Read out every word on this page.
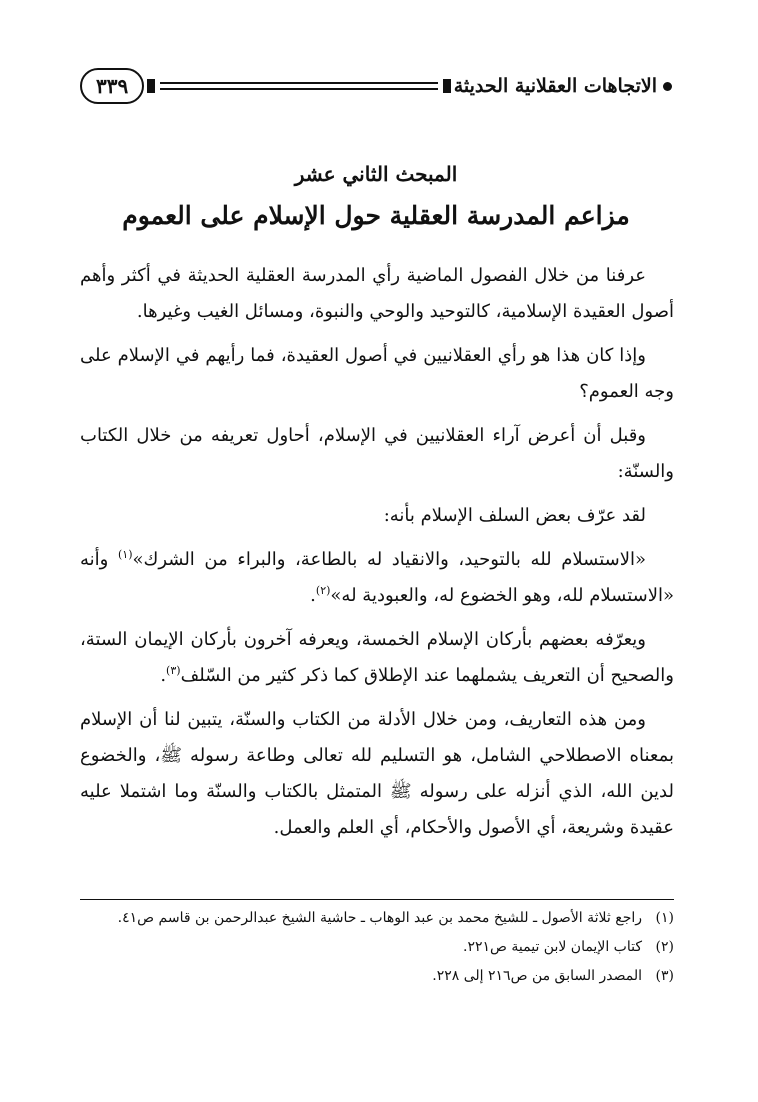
الاتجاهات العقلانية الحديثة
٣٣٩
المبحث الثاني عشر
مزاعم المدرسة العقلية حول الإسلام على العموم

عرفنا من خلال الفصول الماضية رأي المدرسة العقلية الحديثة في أكثر وأهم أصول العقيدة الإسلامية، كالتوحيد والوحي والنبوة، ومسائل الغيب وغيرها.

وإذا كان هذا هو رأي العقلانيين في أصول العقيدة، فما رأيهم في الإسلام على وجه العموم؟

وقبل أن أعرض آراء العقلانيين في الإسلام، أحاول تعريفه من خلال الكتاب والسنّة:

لقد عرّف بعض السلف الإسلام بأنه:

«الاستسلام لله بالتوحيد، والانقياد له بالطاعة، والبراء من الشرك»$^{(١)}$ وأنه «الاستسلام لله، وهو الخضوع له، والعبودية له»$^{(٢)}$.

ويعرّفه بعضهم بأركان الإسلام الخمسة، ويعرفه آخرون بأركان الإيمان الستة، والصحيح أن التعريف يشملهما عند الإطلاق كما ذكر كثير من السّلف$^{(٣)}$.

ومن هذه التعاريف، ومن خلال الأدلة من الكتاب والسنّة، يتبين لنا أن الإسلام بمعناه الاصطلاحي الشامل، هو التسليم لله تعالى وطاعة رسوله ﷺ، والخضوع لدين الله، الذي أنزله على رسوله ﷺ المتمثل بالكتاب والسنّة وما اشتملا عليه عقيدة وشريعة، أي الأصول والأحكام، أي العلم والعمل.

(١)
راجع ثلاثة الأصول ـ للشيخ محمد بن عبد الوهاب ـ حاشية الشيخ عبدالرحمن بن قاسم ص٤١.
(٢)
كتاب الإيمان لابن تيمية ص٢٢١.
(٣)
المصدر السابق من ص٢١٦ إلى ٢٢٨.
